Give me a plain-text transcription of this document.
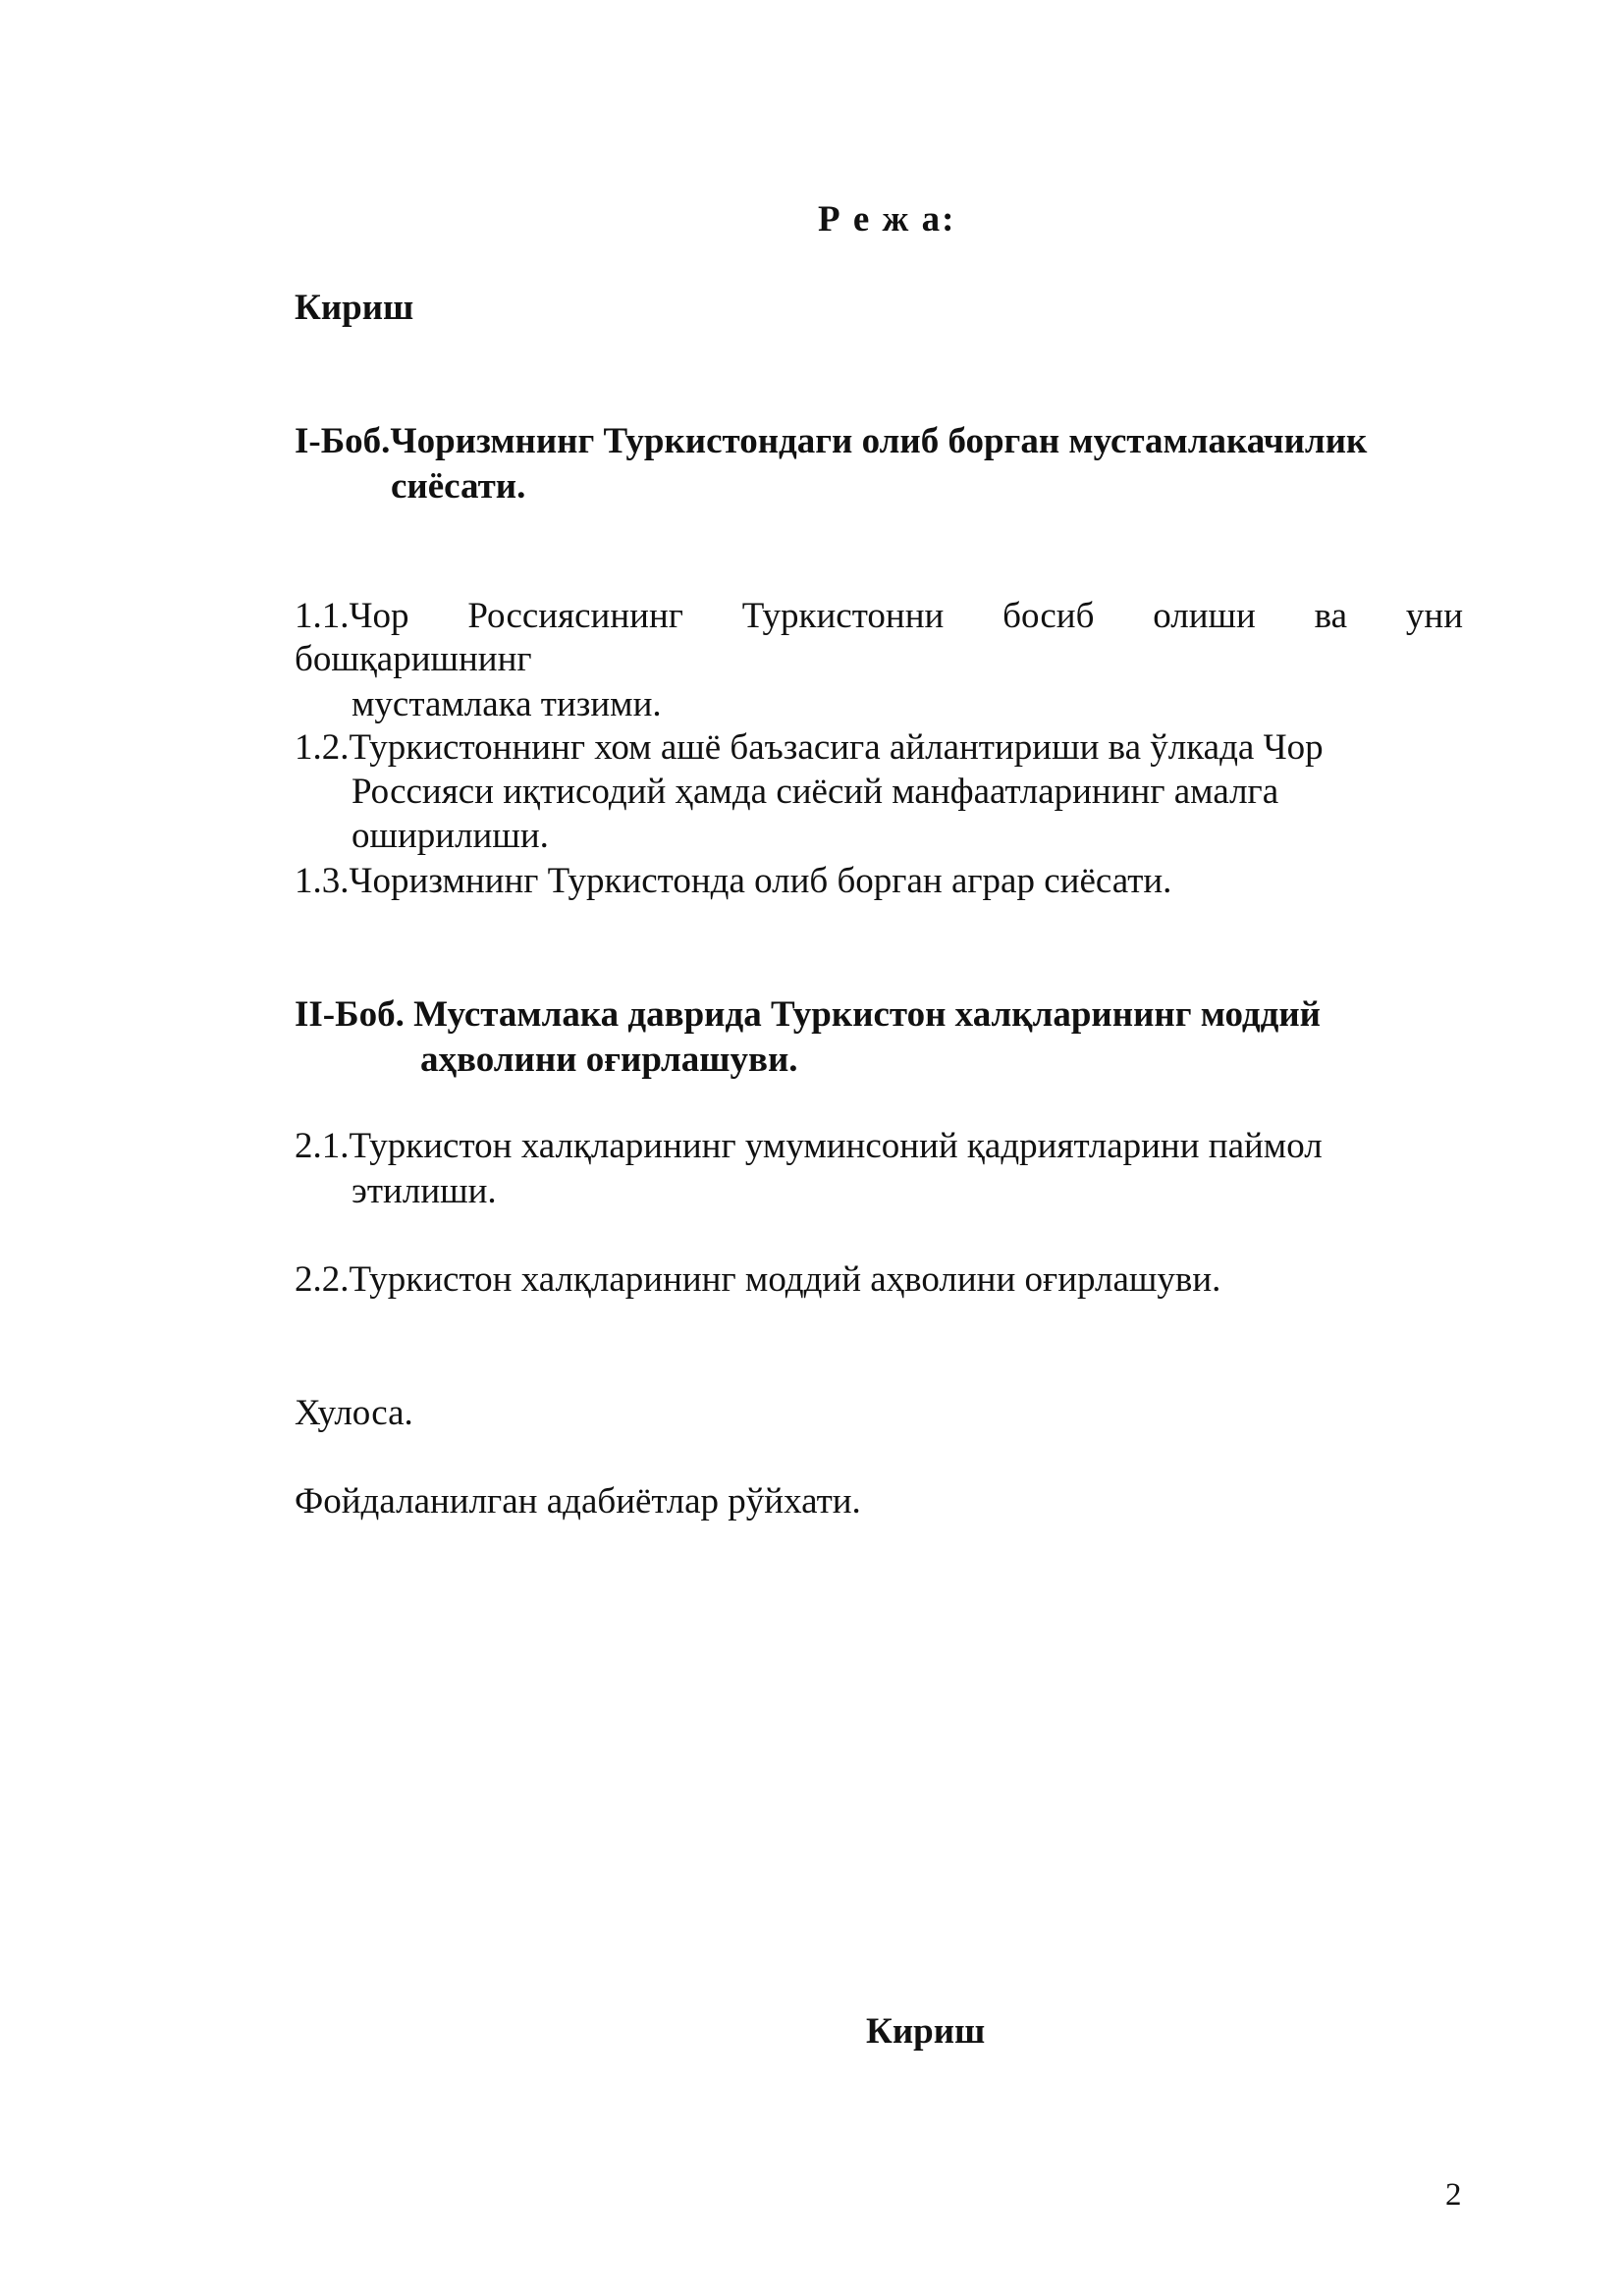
Р е ж а:

Кириш

I-Боб.Чоризмнинг Туркистондаги олиб борган мустамлакачилик

сиёсати.

1.1.Чор Россиясининг Туркистонни босиб олиши ва уни

бошқаришнинг

мустамлака тизими.

1.2.Туркистоннинг хом ашё баъзасига айлантириши ва ўлкада Чор

Россияси иқтисодий ҳамда сиёсий манфаатларининг амалга

оширилиши.

1.3.Чоризмнинг Туркистонда олиб борган аграр сиёсати.

II-Боб. Мустамлака даврида Туркистон халқларининг моддий

аҳволини оғирлашуви.

2.1.Туркистон халқларининг умуминсоний қадриятларини паймол

этилиши.

2.2.Туркистон халқларининг моддий аҳволини оғирлашуви.

Хулоса.

Фойдаланилган адабиётлар рўйхати.

Кириш

2
